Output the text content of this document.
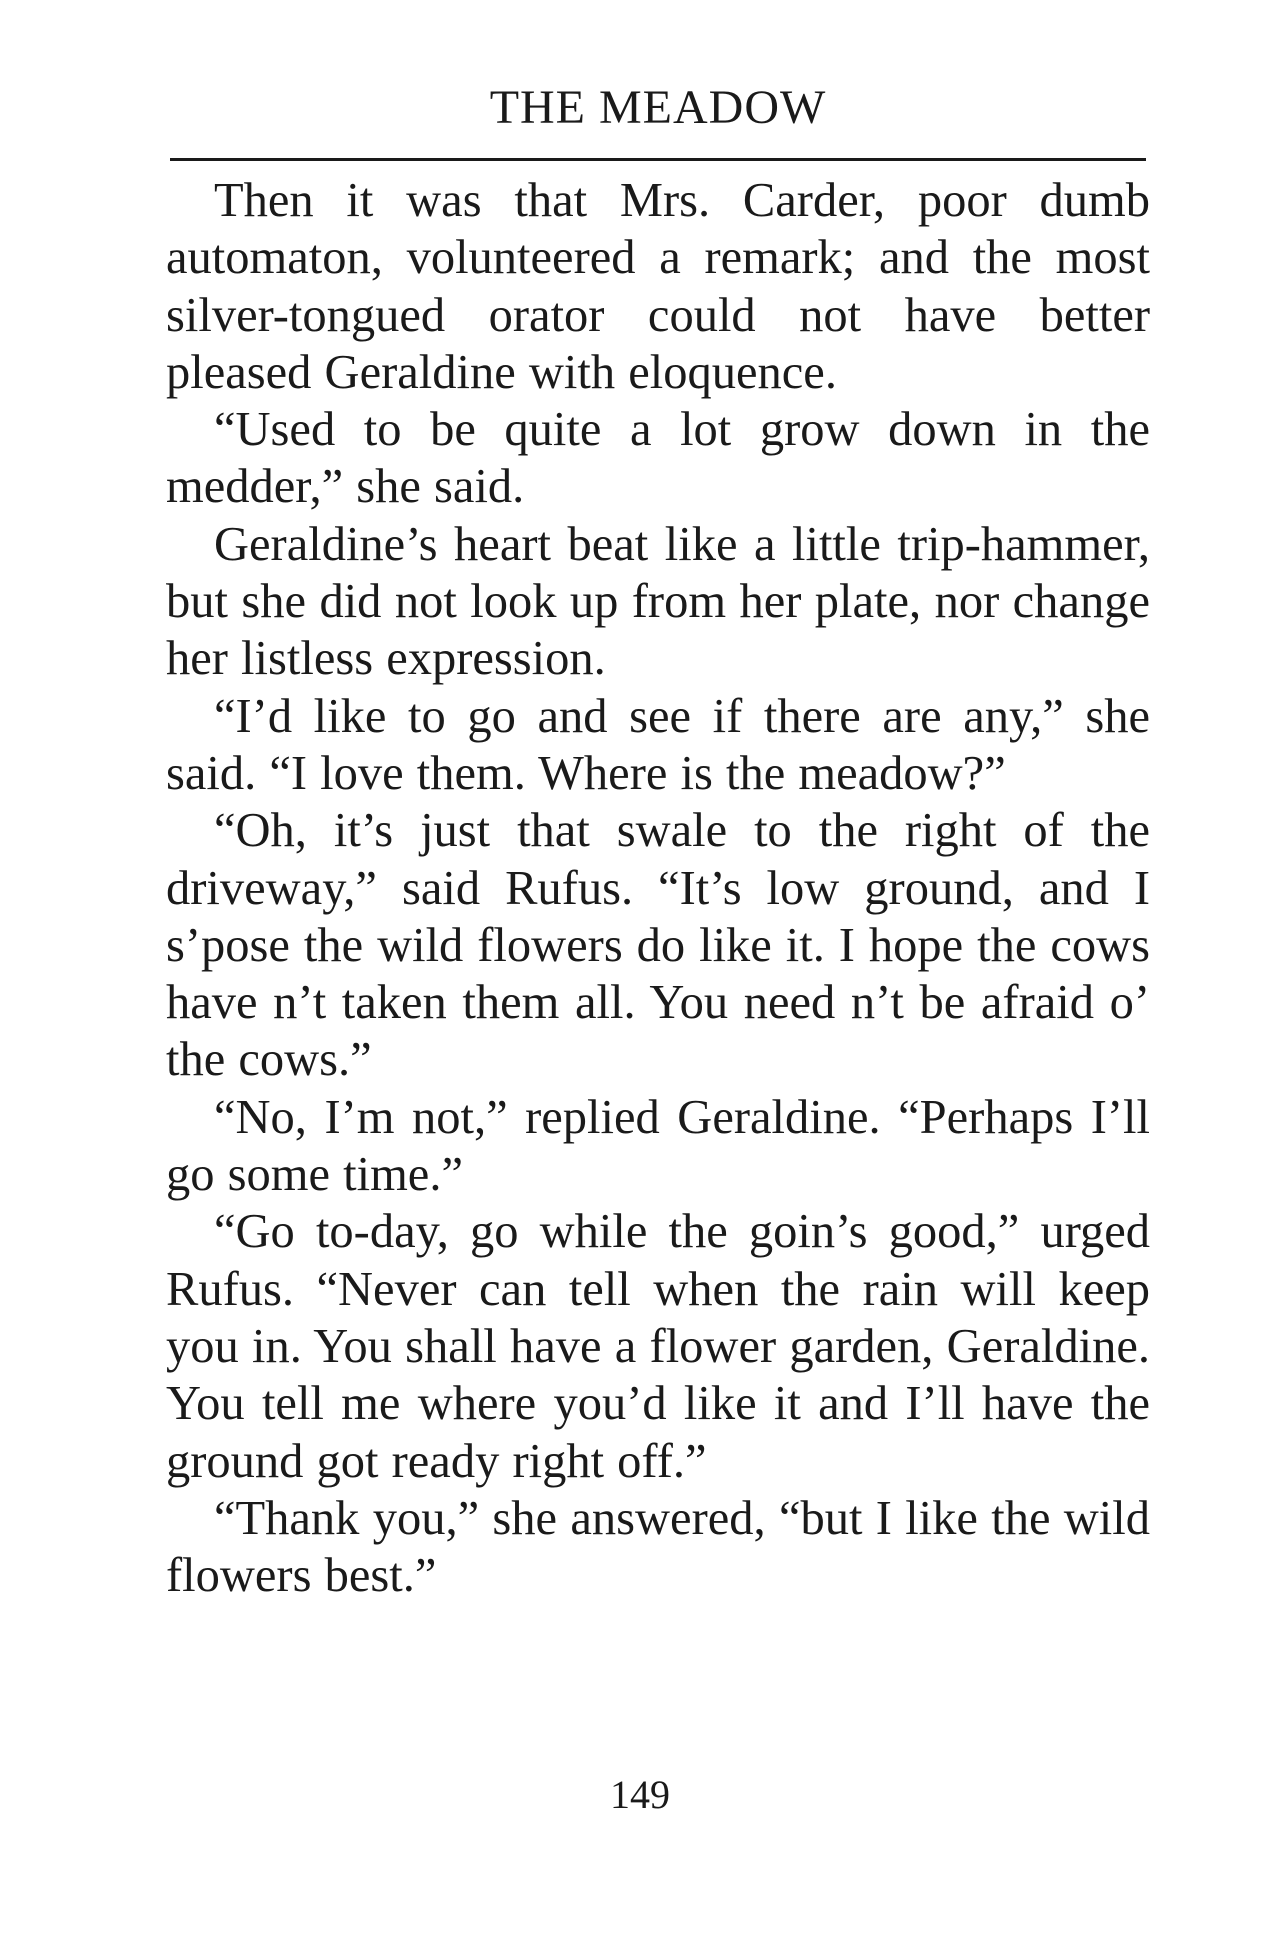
THE MEADOW

Then it was that Mrs. Carder, poor dumb automaton, volunteered a remark; and the most silver-tongued orator could not have better pleased Geraldine with eloquence.

“Used to be quite a lot grow down in the medder,” she said.

Geraldine’s heart beat like a little trip-hammer, but she did not look up from her plate, nor change her listless expression.

“I’d like to go and see if there are any,” she said. “I love them. Where is the meadow?”

“Oh, it’s just that swale to the right of the driveway,” said Rufus. “It’s low ground, and I s’pose the wild flowers do like it. I hope the cows have n’t taken them all. You need n’t be afraid o’ the cows.”

“No, I’m not,” replied Geraldine. “Perhaps I’ll go some time.”

“Go to-day, go while the goin’s good,” urged Rufus. “Never can tell when the rain will keep you in. You shall have a flower garden, Geraldine. You tell me where you’d like it and I’ll have the ground got ready right off.”

“Thank you,” she answered, “but I like the wild flowers best.”

149
